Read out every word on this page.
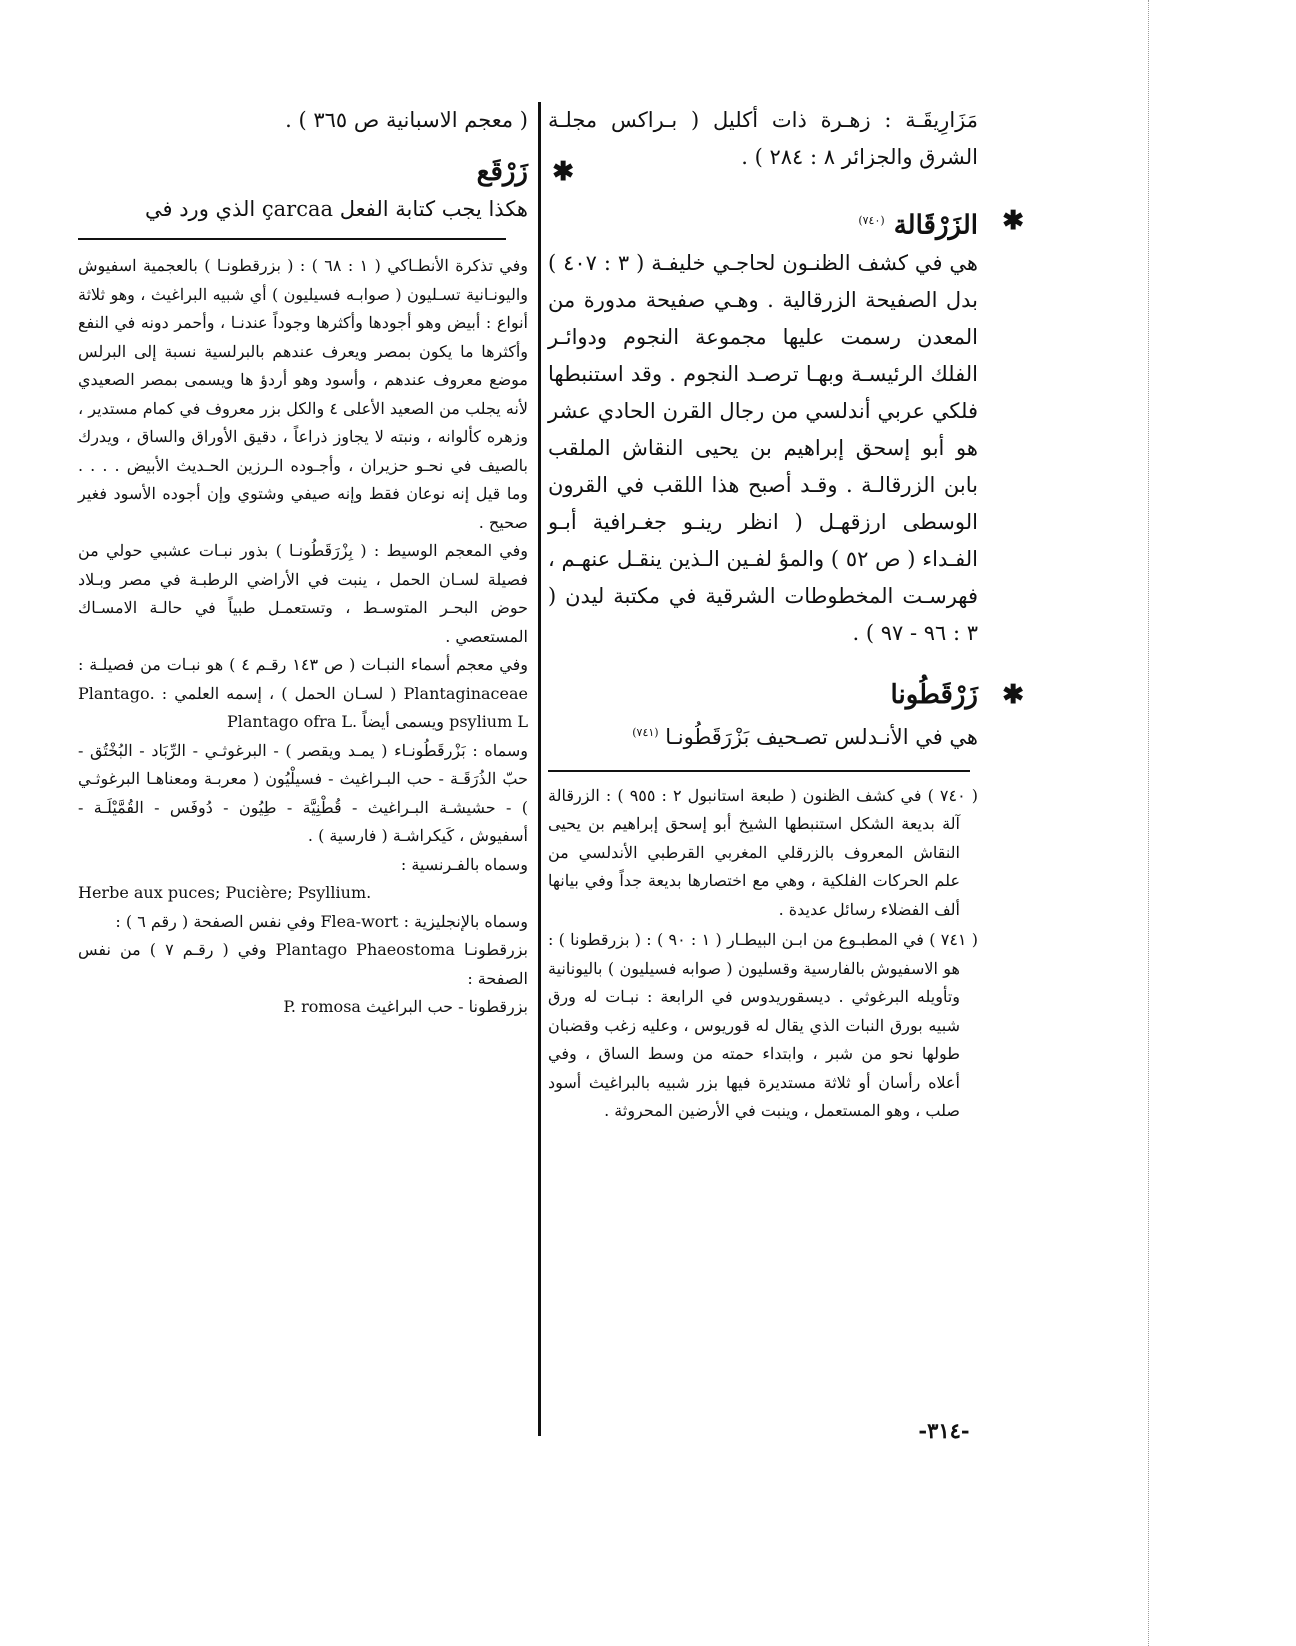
مَزَارِيقَـة : زهـرة ذات أكليل ( بـراكس مجلـة الشرق والجزائر ٨ : ٢٨٤ ) .

✱
الزَرْقَالة $^{(٧٤٠)}$

هي في كشف الظنـون لحاجـي خليفـة ( ٣ : ٤٠٧ ) بدل الصفيحة الزرقالية . وهـي صفيحة مدورة من المعدن رسمت عليها مجموعة النجوم ودوائـر الفلك الرئيسـة وبهـا ترصـد النجوم . وقد استنبطها فلكي عربي أندلسي من رجال القرن الحادي عشر هو أبو إسحق إبراهيم بن يحيى النقاش الملقب بابن الزرقالـة . وقـد أصبح هذا اللقب في القرون الوسطى ارزقهـل ( انظر رينـو جغـرافية أبـو الفـداء ( ص ٥٢ ) والمؤ لفـين الـذين ينقـل عنهـم ، فهرسـت المخطوطات الشرقية في مكتبة ليدن ( ٣ : ٩٦ - ٩٧ ) .

✱
زَرْقَطُونا

هي في الأنـدلس تصـحيف بَزْرَقَطُونـا $^{(٧٤١)}$

( ٧٤٠ ) في كشف الظنون ( طبعة استانبول ٢ : ٩٥٥ ) : الزرقالة آلة بديعة الشكل استنبطها الشيخ أبو إسحق إبراهيم بن يحيى النقاش المعروف بالزرقلي المغربي القرطبي الأندلسي من علم الحركات الفلكية ، وهي مع اختصارها بديعة جداً وفي بيانها ألف الفضلاء رسائل عديدة .

( ٧٤١ ) في المطبـوع من ابـن البيطـار ( ١ : ٩٠ ) : ( بزرقطونا ) : هو الاسفيوش بالفارسية وقسليون ( صوابه فسيليون ) باليونانية وتأويله البرغوثي . ديسقوريدوس في الرابعة : نبـات له ورق شبيه بورق النبات الذي يقال له قوريوس ، وعليه زغب وقضبان طولها نحو من شبر ، وابتداء حمته من وسط الساق ، وفي أعلاه رأسان أو ثلاثة مستديرة فيها بزر شبيه بالبراغيث أسود صلب ، وهو المستعمل ، وينبت في الأرضين المحروثة .

( معجم الاسبانية ص ٣٦٥ ) .

✱
زَرْقَع

هكذا يجب كتابة الفعل çarcaa الذي ورد في

وفي تذكرة الأنطـاكي ( ١ : ٦٨ ) : ( بزرقطونـا ) بالعجمية اسفيوش واليونـانية تسـليون ( صوابـه فسيليون ) أي شبيه البراغيث ، وهو ثلاثة أنواع : أبيض وهو أجودها وأكثرها وجوداً عندنـا ، وأحمر دونه في النفع وأكثرها ما يكون بمصر ويعرف عندهم بالبرلسية نسبة إلى البرلس موضع معروف عندهم ، وأسود وهو أردؤ ها ويسمى بمصر الصعيدي لأنه يجلب من الصعيد الأعلى ٤ والكل بزر معروف في كمام مستدير ، وزهره كألوانه ، ونبته لا يجاوز ذراعاً ، دقيق الأوراق والساق ، ويدرك بالصيف في نحـو حزيران ، وأجـوده الـرزين الحـديث الأبيض . . . . وما قيل إنه نوعان فقط وإنه صيفي وشتوي وإن أجوده الأسود فغير صحيح .

وفي المعجم الوسيط : ( بِزْرَقَطُونـا ) بذور نبـات عشبي حولي من فصيلة لسـان الحمل ، ينبت في الأراضي الرطبـة في مصر وبـلاد حوض البحـر المتوسـط ، وتستعمـل طبياً في حالـة الامسـاك المستعصي .

وفي معجم أسماء النبـات ( ص ١٤٣ رقـم ٤ ) هو نبـات من فصيلـة : Plantaginaceae ( لسـان الحمل ) ، إسمه العلمي : .Plantago psylium L ويسمى أيضاً .Plantago ofra L

وسماه : بَزْرقَطُونـاء ( يمـد ويقصر ) - البرغوثـي - الرِّبَاد - البُخْتُق - حبّ الذُرَقَـة - حب البـراغيث - فسيلْيُون ( معربـة ومعناهـا البرغوثـي ) - حشيشـة البـراغيث - قُطْنِيَّة - طِيُون - دُوفَس - القُمَّيْلَـة - أسفيوش ، كَيكراشـة ( فارسية ) .

وسماه بالفـرنسية :

Herbe aux puces; Pucière; Psyllium.

وسماه بالإنجليزية : Flea-wort وفي نفس الصفحة ( رقم ٦ ) :

بزرقطونـا Plantago Phaeostoma وفي ( رقـم ٧ ) من نفس الصفحة :

بزرقطونا - حب البراغيث P. romosa

-٣١٤-
